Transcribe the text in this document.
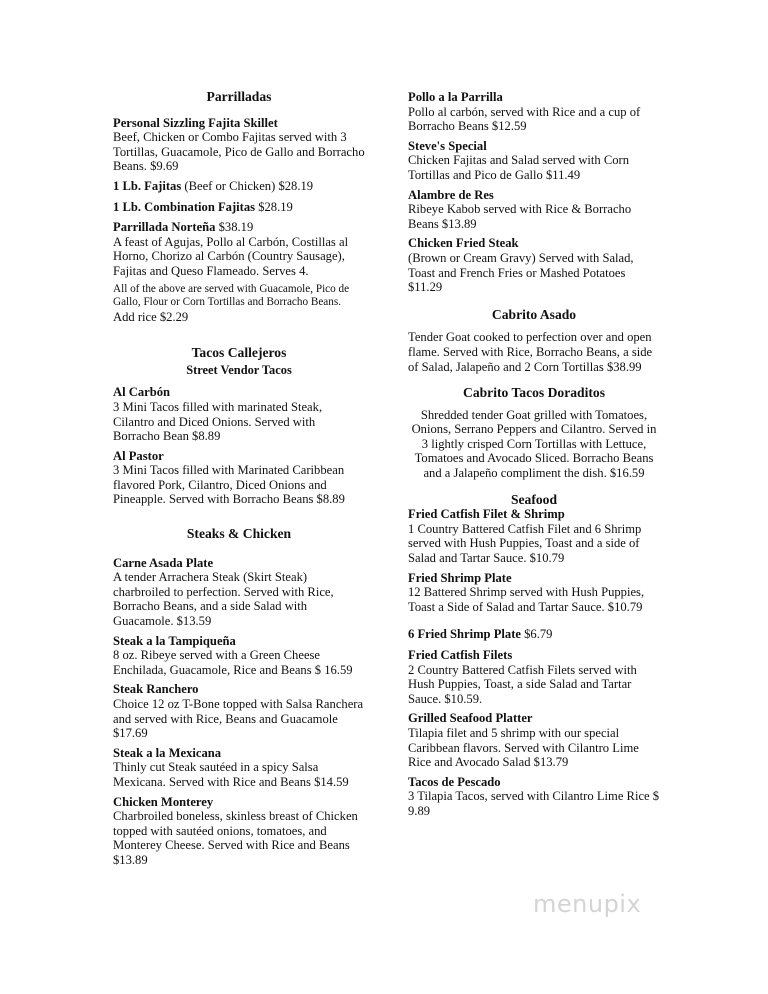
Parrilladas

Personal Sizzling Fajita Skillet
Beef, Chicken or Combo Fajitas served with 3 Tortillas, Guacamole, Pico de Gallo and Borracho Beans. $9.69
1 Lb. Fajitas (Beef or Chicken) $28.19
1 Lb. Combination Fajitas $28.19
Parrillada Norteña $38.19
A feast of Agujas, Pollo al Carbón, Costillas al Horno, Chorizo al Carbón (Country Sausage), Fajitas and Queso Flameado. Serves 4.
All of the above are served with Guacamole, Pico de Gallo, Flour or Corn Tortillas and Borracho Beans.
Add rice $2.29

Tacos Callejeros

Street Vendor Tacos

Al Carbón
3 Mini Tacos filled with marinated Steak, Cilantro and Diced Onions. Served with Borracho Bean $8.89
Al Pastor
3 Mini Tacos filled with Marinated Caribbean flavored Pork, Cilantro, Diced Onions and Pineapple. Served with Borracho Beans $8.89

Steaks & Chicken

Carne Asada Plate
A tender Arrachera Steak (Skirt Steak) charbroiled to perfection. Served with Rice, Borracho Beans, and a side Salad with Guacamole. $13.59
Steak a la Tampiqueña
8 oz. Ribeye served with a Green Cheese Enchilada, Guacamole, Rice and Beans $ 16.59
Steak Ranchero
Choice 12 oz T-Bone topped with Salsa Ranchera and served with Rice, Beans and Guacamole $17.69
Steak a la Mexicana
Thinly cut Steak sautéed in a spicy Salsa Mexicana. Served with Rice and Beans $14.59
Chicken Monterey
Charbroiled boneless, skinless breast of Chicken topped with sautéed onions, tomatoes, and Monterey Cheese. Served with Rice and Beans $13.89
Pollo a la Parrilla
Pollo al carbón, served with Rice and a cup of Borracho Beans $12.59
Steve's Special
Chicken Fajitas and Salad served with Corn Tortillas and Pico de Gallo $11.49
Alambre de Res
Ribeye Kabob served with Rice & Borracho Beans $13.89
Chicken Fried Steak
(Brown or Cream Gravy) Served with Salad, Toast and French Fries or Mashed Potatoes $11.29

Cabrito Asado

Tender Goat cooked to perfection over and open flame. Served with Rice, Borracho Beans, a side of Salad, Jalapeño and 2 Corn Tortillas $38.99

Cabrito Tacos Doraditos

Shredded tender Goat grilled with Tomatoes, Onions, Serrano Peppers and Cilantro. Served in 3 lightly crisped Corn Tortillas with Lettuce, Tomatoes and Avocado Sliced. Borracho Beans and a Jalapeño compliment the dish. $16.59

Seafood

Fried Catfish Filet & Shrimp
1 Country Battered Catfish Filet and 6 Shrimp served with Hush Puppies, Toast and a side of Salad and Tartar Sauce. $10.79
Fried Shrimp Plate
12 Battered Shrimp served with Hush Puppies, Toast a Side of Salad and Tartar Sauce. $10.79
6 Fried Shrimp Plate $6.79
Fried Catfish Filets
2 Country Battered Catfish Filets served with Hush Puppies, Toast, a side Salad and Tartar Sauce. $10.59.
Grilled Seafood Platter
Tilapia filet and 5 shrimp with our special Caribbean flavors. Served with Cilantro Lime Rice and Avocado Salad $13.79
Tacos de Pescado
3 Tilapia Tacos, served with Cilantro Lime Rice $ 9.89
menupix
